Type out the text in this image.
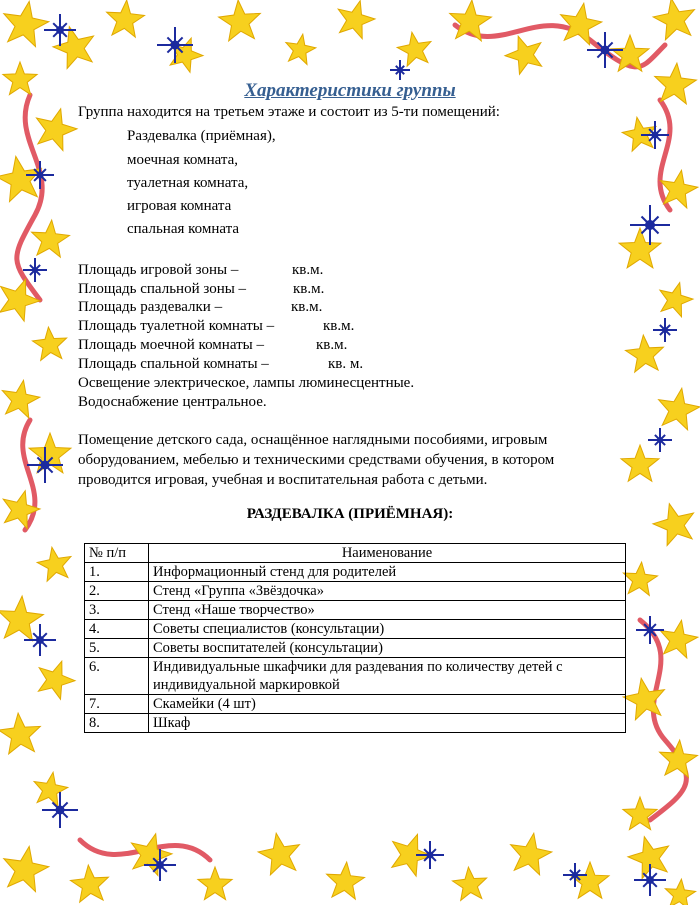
Характеристики группы
Группа находится на третьем этаже и состоит из 5-ти помещений:
Раздевалка (приёмная),
моечная комната,
туалетная комната,
игровая комната
спальная комната
Площадь игровой зоны –	кв.м.
Площадь спальной зоны –	кв.м.
Площадь раздевалки –	кв.м.
Площадь туалетной комнаты –	кв.м.
Площадь моечной комнаты –	кв.м.
Площадь спальной комнаты –	кв. м.
Освещение электрическое, лампы люминесцентные.
Водоснабжение центральное.
Помещение детского сада, оснащённое наглядными пособиями, игровым оборудованием, мебелью и техническими средствами обучения, в котором проводится игровая, учебная и воспитательная работа с детьми.
РАЗДЕВАЛКА (ПРИЁМНАЯ):
№ п/п	Наименование
1.	Информационный стенд для родителей
2.	Стенд «Группа «Звёздочка»
3.	Стенд «Наше творчество»
4.	Советы специалистов (консультации)
5.	Советы воспитателей (консультации)
6.	Индивидуальные шкафчики для раздевания по количеству детей с индивидуальной маркировкой
7.	Скамейки (4 шт)
8.	Шкаф
